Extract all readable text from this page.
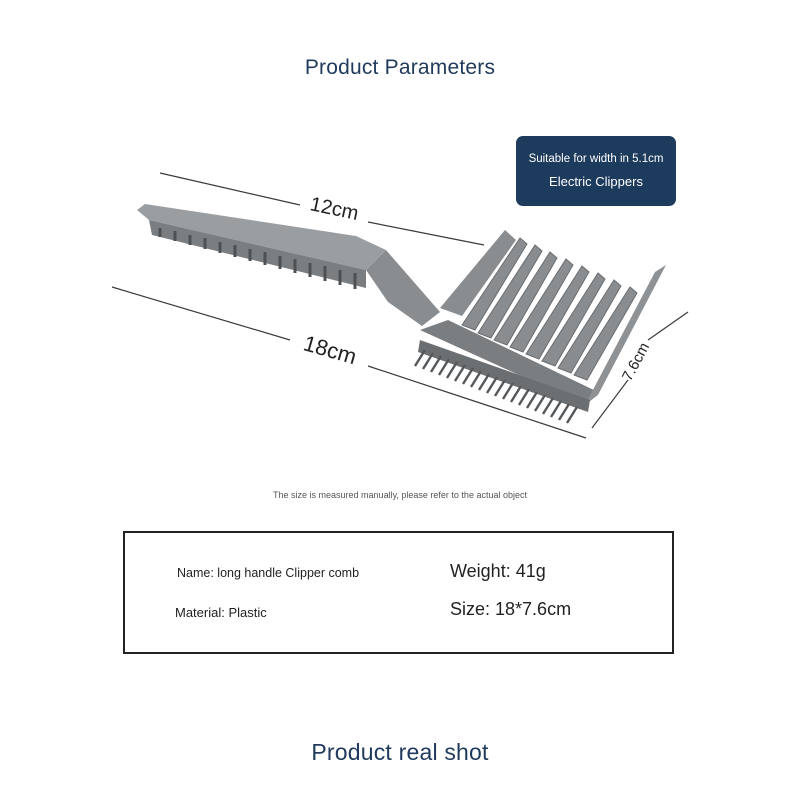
Product Parameters
Suitable for width in 5.1cm
Electric Clippers
12cm
18cm	7.6cm
The size is measured manually, please refer to the actual object
Name: long handle Clipper comb
Material: Plastic
Weight: 41g
Size: 18*7.6cm
Product real shot
